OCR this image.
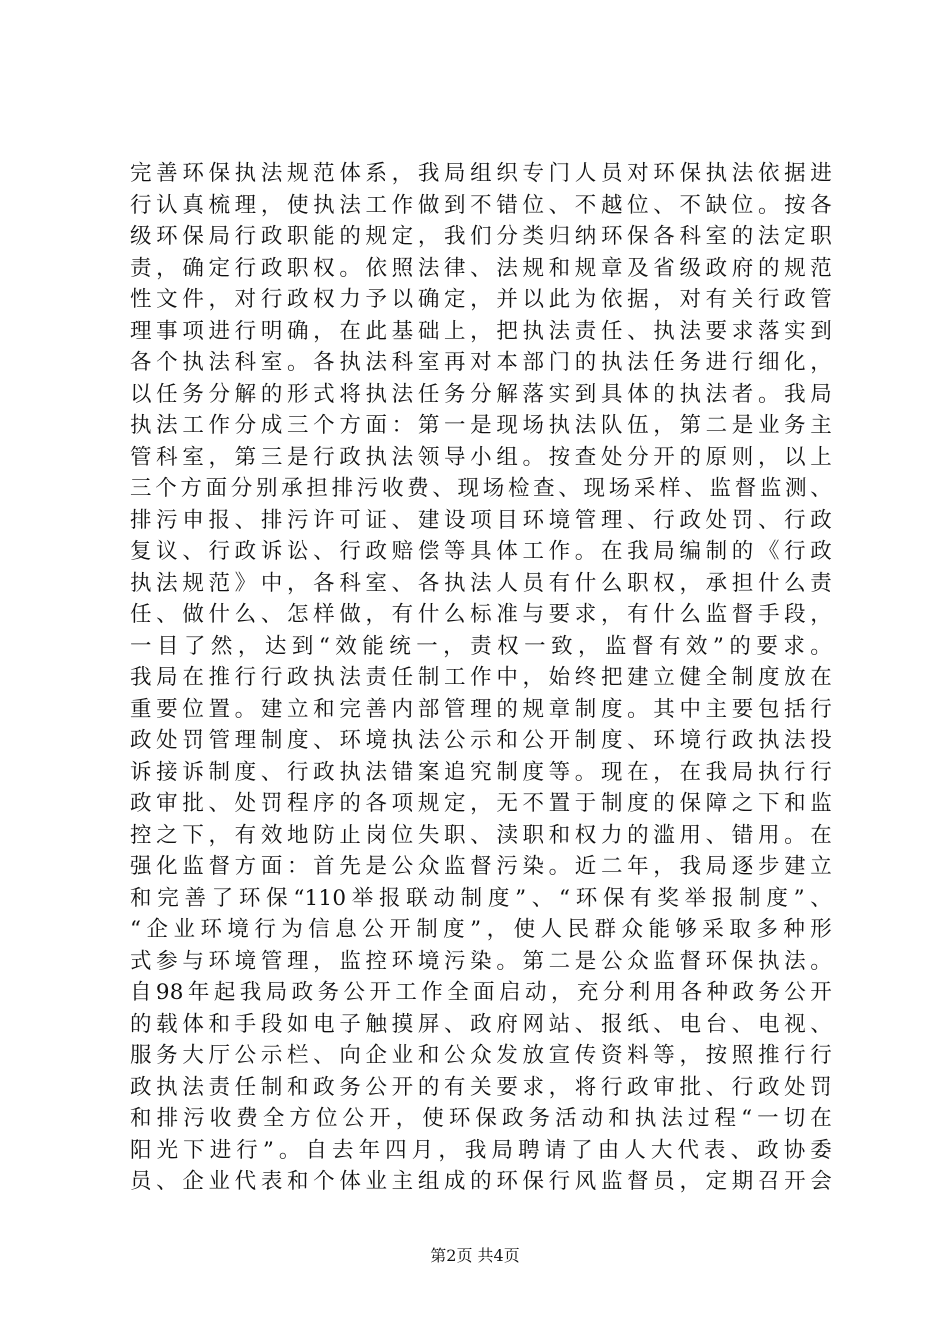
完善环保执法规范体系，我局组织专门人员对环保执法依据进
行认真梳理，使执法工作做到不错位、不越位、不缺位。按各
级环保局行政职能的规定，我们分类归纳环保各科室的法定职
责，确定行政职权。依照法律、法规和规章及省级政府的规范
性文件，对行政权力予以确定，并以此为依据，对有关行政管
理事项进行明确，在此基础上，把执法责任、执法要求落实到
各个执法科室。各执法科室再对本部门的执法任务进行细化，
以任务分解的形式将执法任务分解落实到具体的执法者。我局
执法工作分成三个方面：第一是现场执法队伍，第二是业务主
管科室，第三是行政执法领导小组。按查处分开的原则，以上
三个方面分别承担排污收费、现场检查、现场采样、监督监测、
排污申报、排污许可证、建设项目环境管理、行政处罚、行政
复议、行政诉讼、行政赔偿等具体工作。在我局编制的《行政
执法规范》中，各科室、各执法人员有什么职权，承担什么责
任、做什么、怎样做，有什么标准与要求，有什么监督手段，
一目了然，达到“效能统一，责权一致，监督有效”的要求。
我局在推行行政执法责任制工作中，始终把建立健全制度放在
重要位置。建立和完善内部管理的规章制度。其中主要包括行
政处罚管理制度、环境执法公示和公开制度、环境行政执法投
诉接诉制度、行政执法错案追究制度等。现在，在我局执行行
政审批、处罚程序的各项规定，无不置于制度的保障之下和监
控之下，有效地防止岗位失职、渎职和权力的滥用、错用。在
强化监督方面：首先是公众监督污染。近二年，我局逐步建立
和完善了环保“110举报联动制度”、“环保有奖举报制度”、
“企业环境行为信息公开制度”，使人民群众能够采取多种形
式参与环境管理，监控环境污染。第二是公众监督环保执法。
自98年起我局政务公开工作全面启动，充分利用各种政务公开
的载体和手段如电子触摸屏、政府网站、报纸、电台、电视、
服务大厅公示栏、向企业和公众发放宣传资料等，按照推行行
政执法责任制和政务公开的有关要求，将行政审批、行政处罚
和排污收费全方位公开，使环保政务活动和执法过程“一切在
阳光下进行”。自去年四月，我局聘请了由人大代表、政协委
员、企业代表和个体业主组成的环保行风监督员，定期召开会
第2页 共4页
